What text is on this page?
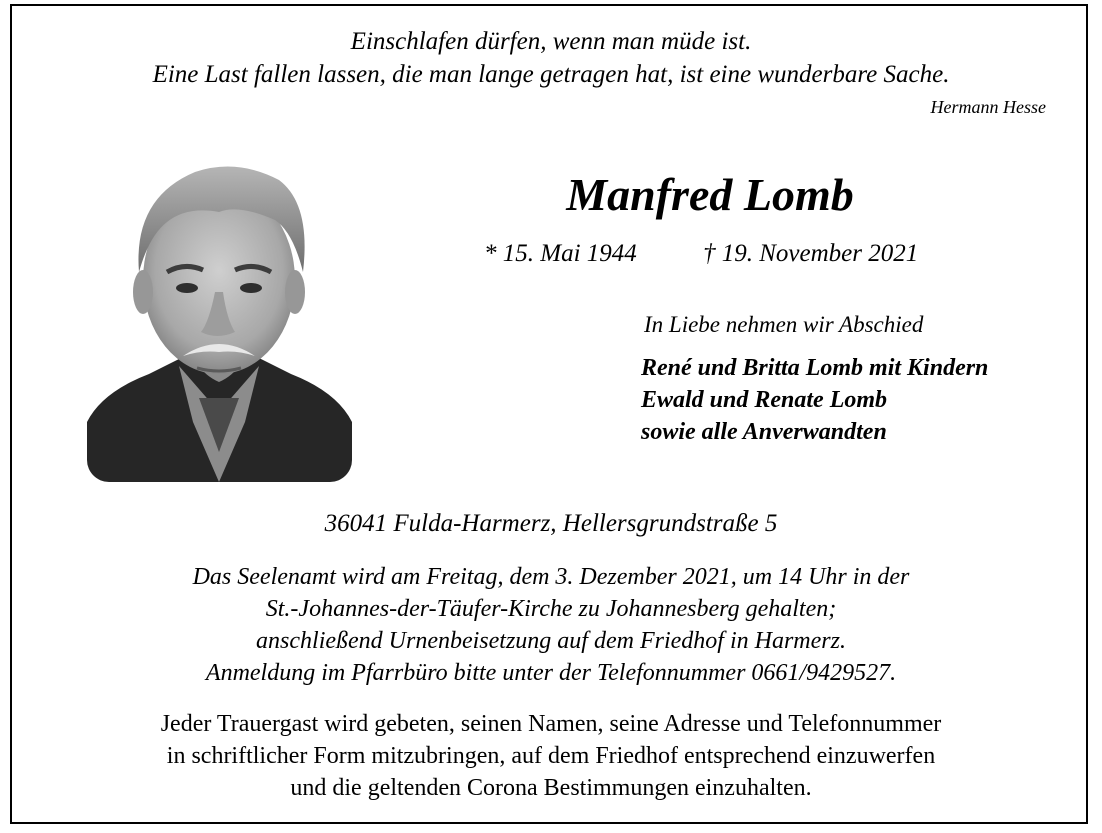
Einschlafen dürfen, wenn man müde ist.
Eine Last fallen lassen, die man lange getragen hat, ist eine wunderbare Sache.
Hermann Hesse
Manfred Lomb
* 15. Mai 1944	† 19. November 2021
In Liebe nehmen wir Abschied
René und Britta Lomb mit Kindern
Ewald und Renate Lomb
sowie alle Anverwandten
36041 Fulda-Harmerz, Hellersgrundstraße 5
Das Seelenamt wird am Freitag, dem 3. Dezember 2021, um 14 Uhr in der
St.-Johannes-der-Täufer-Kirche zu Johannesberg gehalten;
anschließend Urnenbeisetzung auf dem Friedhof in Harmerz.
Anmeldung im Pfarrbüro bitte unter der Telefonnummer 0661/9429527.
Jeder Trauergast wird gebeten, seinen Namen, seine Adresse und Telefonnummer
in schriftlicher Form mitzubringen, auf dem Friedhof entsprechend einzuwerfen
und die geltenden Corona Bestimmungen einzuhalten.
